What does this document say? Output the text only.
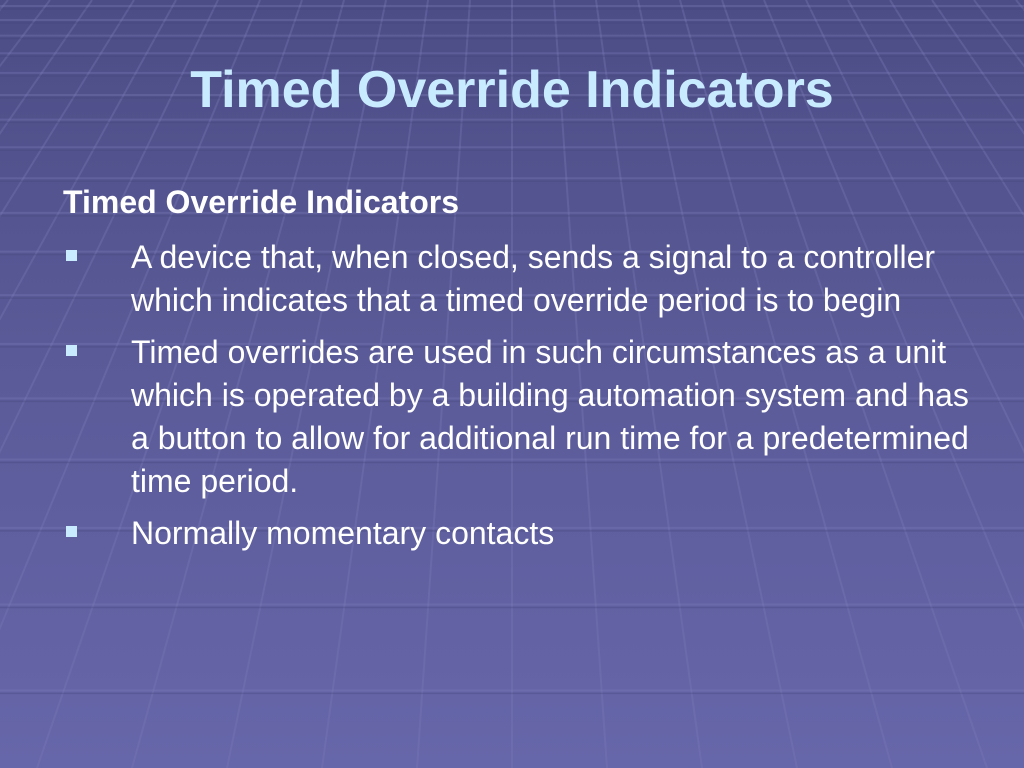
Timed Override Indicators
Timed Override Indicators
A device that, when closed, sends a signal to a controller which indicates that a timed override period is to begin
Timed overrides are used in such circumstances as a unit which is operated by a building automation system and has a button to allow for additional run time for a predetermined time period.
Normally momentary contacts
